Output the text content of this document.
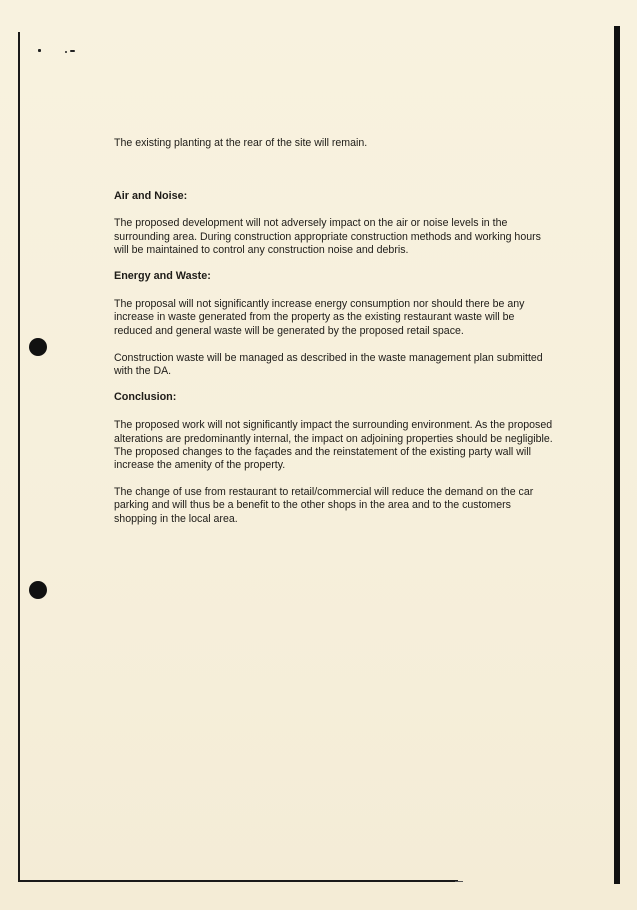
The existing planting at the rear of the site will remain.

Air and Noise:

The proposed development will not adversely impact on the air or noise levels in the surrounding area. During construction appropriate construction methods and working hours will be maintained to control any construction noise and debris.

Energy and Waste:

The proposal will not significantly increase energy consumption nor should there be any increase in waste generated from the property as the existing restaurant waste will be reduced and general waste will be generated by the proposed retail space.

Construction waste will be managed as described in the waste management plan submitted with the DA.

Conclusion:

The proposed work will not significantly impact the surrounding environment. As the proposed alterations are predominantly internal, the impact on adjoining properties should be negligible. The proposed changes to the façades and the reinstatement of the existing party wall will increase the amenity of the property.

The change of use from restaurant to retail/commercial will reduce the demand on the car parking and will thus be a benefit to the other shops in the area and to the customers shopping in the local area.
